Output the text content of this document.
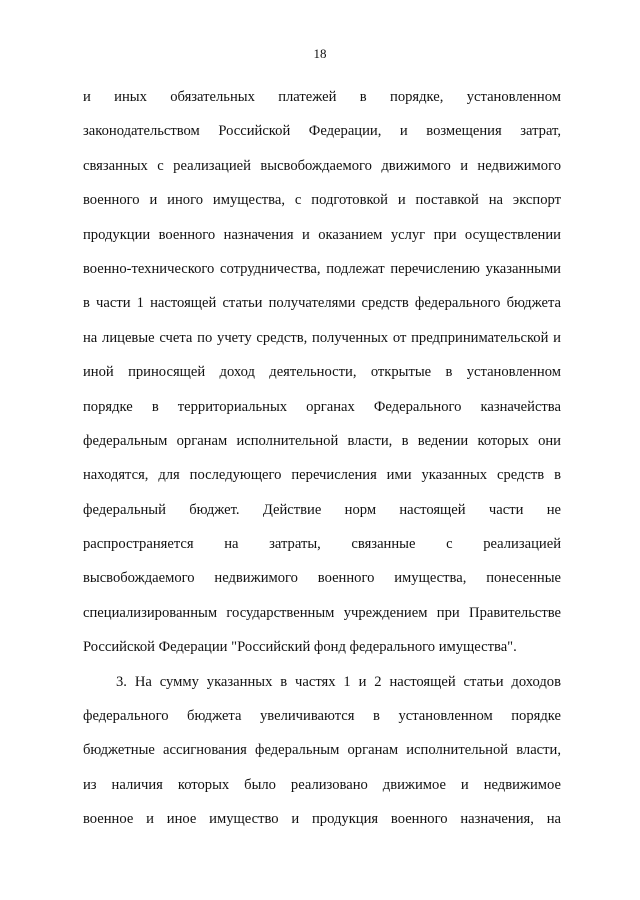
18
и иных обязательных платежей в порядке, установленном
законодательством Российской Федерации, и возмещения затрат,
связанных с реализацией высвобождаемого движимого и недвижимого
военного и иного имущества, с подготовкой и поставкой на экспорт
продукции военного назначения и оказанием услуг при осуществлении
военно-технического сотрудничества, подлежат перечислению указанными
в части 1 настоящей статьи получателями средств федерального бюджета
на лицевые счета по учету средств, полученных от предпринимательской и
иной приносящей доход деятельности, открытые в установленном
порядке в территориальных органах Федерального казначейства
федеральным органам исполнительной власти, в ведении которых они
находятся, для последующего перечисления ими указанных средств в
федеральный бюджет. Действие норм настоящей части не
распространяется на затраты, связанные с реализацией
высвобождаемого недвижимого военного имущества, понесенные
специализированным государственным учреждением при Правительстве
Российской Федерации "Российский фонд федерального имущества".
3. На сумму указанных в частях 1 и 2 настоящей статьи доходов
федерального бюджета увеличиваются в установленном порядке
бюджетные ассигнования федеральным органам исполнительной власти,
из наличия которых было реализовано движимое и недвижимое
военное и иное имущество и продукция военного назначения, на
